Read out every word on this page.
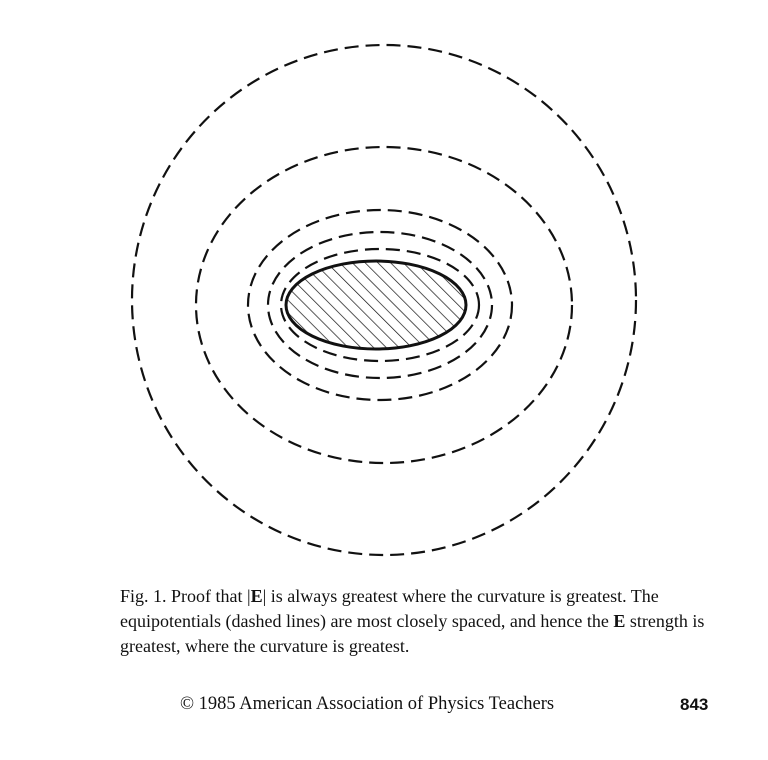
Fig. 1. Proof that |E| is always greatest where the curvature is greatest. The equipotentials (dashed lines) are most closely spaced, and hence the E strength is greatest, where the curvature is greatest.

© 1985 American Association of Physics Teachers	843
